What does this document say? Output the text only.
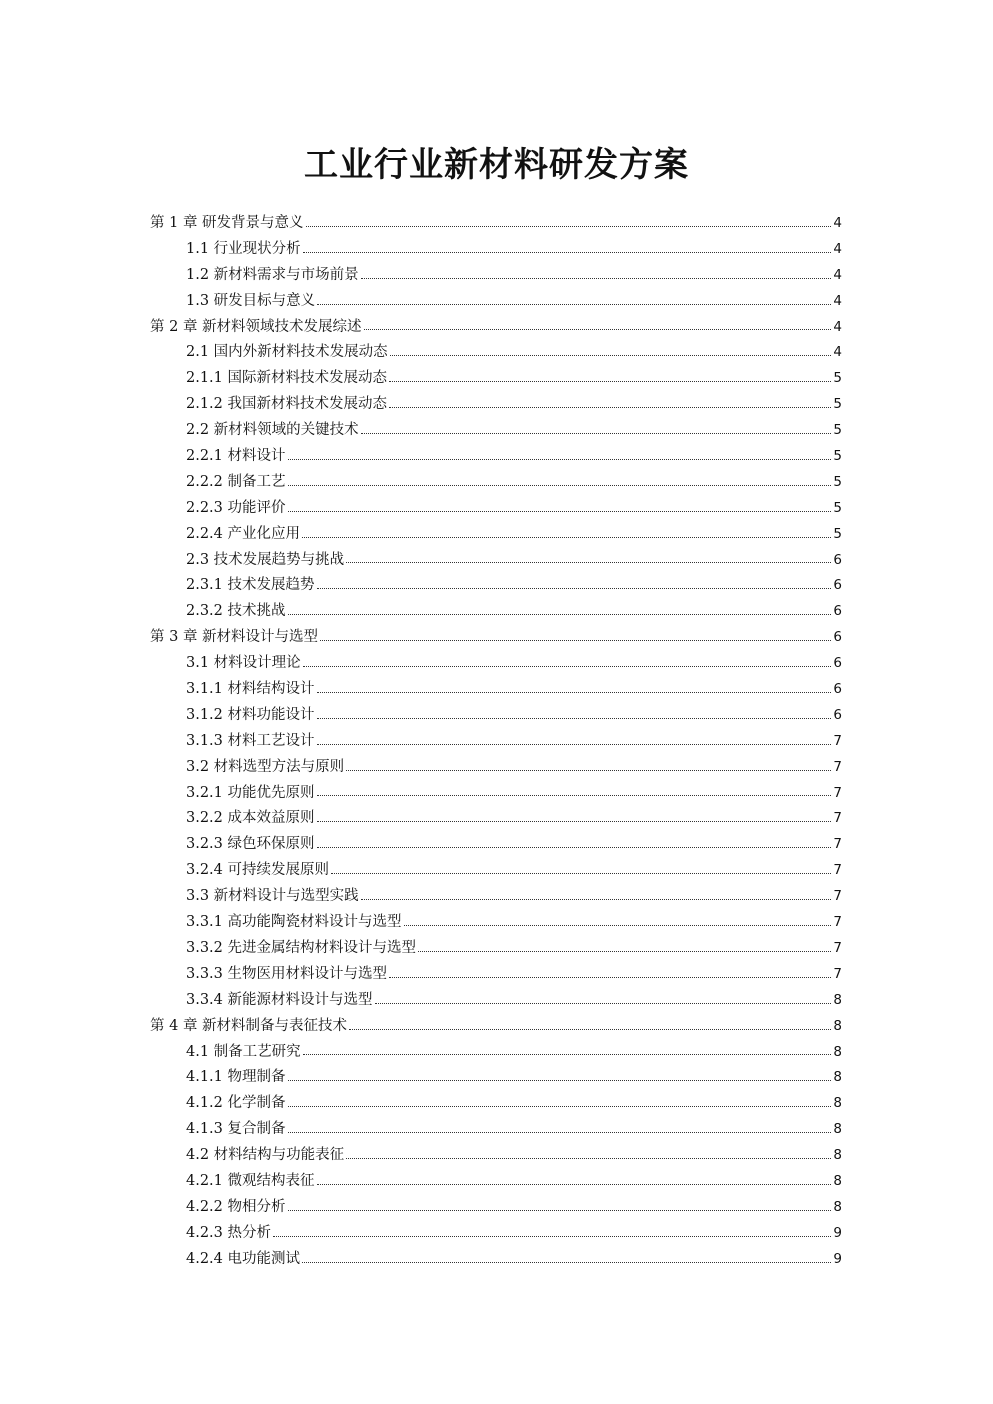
工业行业新材料研发方案
第 1 章 研发背景与意义	4
1.1 行业现状分析	4
1.2 新材料需求与市场前景	4
1.3 研发目标与意义	4
第 2 章 新材料领域技术发展综述	4
2.1 国内外新材料技术发展动态	4
2.1.1 国际新材料技术发展动态	5
2.1.2 我国新材料技术发展动态	5
2.2 新材料领域的关键技术	5
2.2.1 材料设计	5
2.2.2 制备工艺	5
2.2.3 功能评价	5
2.2.4 产业化应用	5
2.3 技术发展趋势与挑战	6
2.3.1 技术发展趋势	6
2.3.2 技术挑战	6
第 3 章 新材料设计与选型	6
3.1 材料设计理论	6
3.1.1 材料结构设计	6
3.1.2 材料功能设计	6
3.1.3 材料工艺设计	7
3.2 材料选型方法与原则	7
3.2.1 功能优先原则	7
3.2.2 成本效益原则	7
3.2.3 绿色环保原则	7
3.2.4 可持续发展原则	7
3.3 新材料设计与选型实践	7
3.3.1 高功能陶瓷材料设计与选型	7
3.3.2 先进金属结构材料设计与选型	7
3.3.3 生物医用材料设计与选型	7
3.3.4 新能源材料设计与选型	8
第 4 章 新材料制备与表征技术	8
4.1 制备工艺研究	8
4.1.1 物理制备	8
4.1.2 化学制备	8
4.1.3 复合制备	8
4.2 材料结构与功能表征	8
4.2.1 微观结构表征	8
4.2.2 物相分析	8
4.2.3 热分析	9
4.2.4 电功能测试	9
